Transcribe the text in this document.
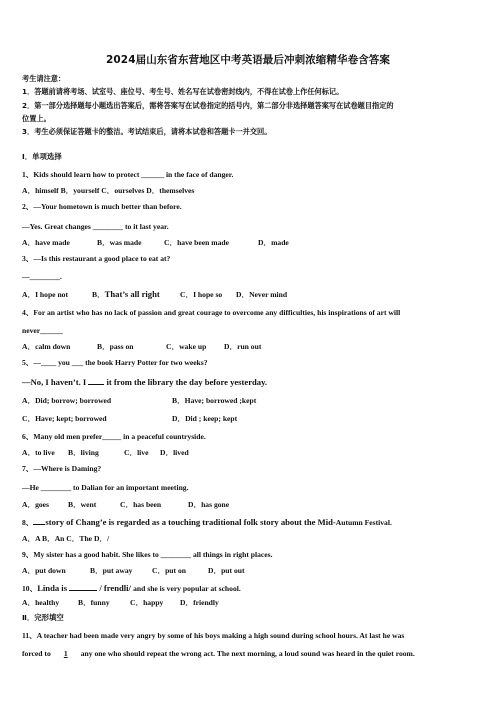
2024届山东省东营地区中考英语最后冲刺浓缩精华卷含答案
考生请注意：
1．答题前请将考场、试室号、座位号、考生号、姓名写在试卷密封线内，不得在试卷上作任何标记。
2．第一部分选择题每小题选出答案后，需将答案写在试卷指定的括号内，第二部分非选择题答案写在试卷题目指定的
位置上。
3．考生必须保证答题卡的整洁。考试结束后，请将本试卷和答题卡一并交回。
Ⅰ．单项选择
1、Kids should learn how to protect ______ in the face of danger.
A．himself B．yourself C．ourselves D．themselves
2、—Your hometown is much better than before.
—Yes. Great changes ________ to it last year.
A．have made	B．was made	C．have been made	D．made
3、—Is this restaurant a good place to eat at?
—________.
A．I hope not	B．That’s all right	C．I hope so D．Never mind
4、For an artist who has no lack of passion and great courage to overcome any difficulties, his inspirations of art will
never______
A．calm down	B．pass on	C．wake up D．run out
5、—____ you ___ the book Harry Potter for two weeks?
—No, I haven’t. I  it from the library the day before yesterday.
A．Did; borrow; borrowed	B．Have; borrowed ;kept
C．Have; kept; borrowed	D．Did ; keep; kept
6、Many old men prefer_____ in a peaceful countryside.
A．to live B．living	C．live D．lived
7、—Where is Daming?
—He ________ to Dalian for an important meeting.
A．goes	B．went	C．has been	D．has gone
8、 story of Chang’e is regarded as a touching traditional folk story about the Mid-Autumn Festival.
A．A B．An C．The D．/
9、My sister has a good habit. She likes to ________ all things in right places.
A．put down	B．put away	C．put on	D．put out
10、Linda is	/ frendli/ and she is very popular at school.
A．healthy B．funny	C．happy D．friendly
Ⅱ．完形填空
11、A teacher had been made very angry by some of his boys making a high sound during school hours. At last he was
forced to 1 any one who should repeat the wrong act. The next morning, a loud sound was heard in the quiet room.
